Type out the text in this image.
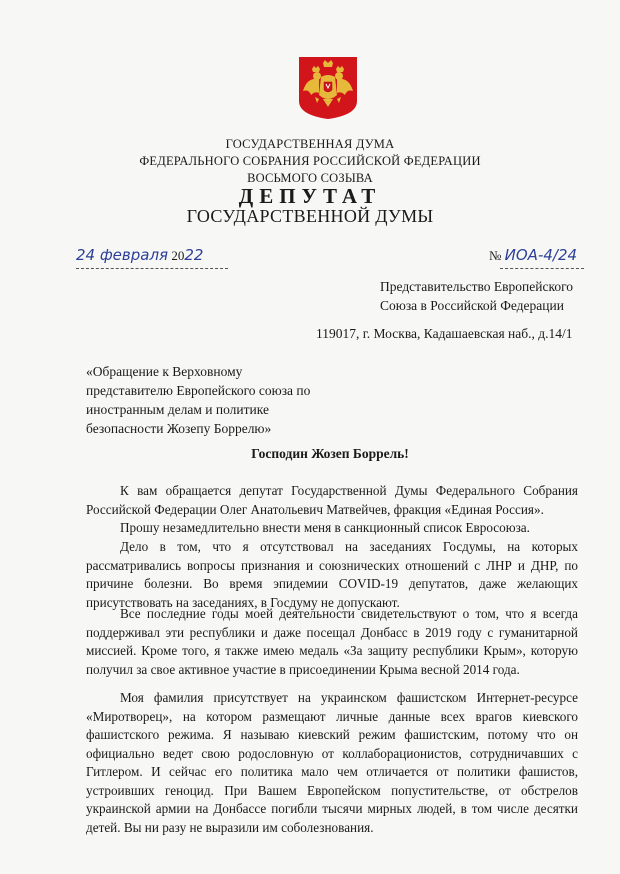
ГОСУДАРСТВЕННАЯ ДУМА
ФЕДЕРАЛЬНОГО СОБРАНИЯ РОССИЙСКОЙ ФЕДЕРАЦИИ
ВОСЬМОГО СОЗЫВА
ДЕПУТАТ
ГОСУДАРСТВЕННОЙ ДУМЫ
24 февраля 2022	№ ИОА-4/24
Представительство Европейского
Союза в Российской Федерации
119017, г. Москва, Кадашаевская наб., д.14/1
«Обращение к Верховному
представителю Европейского союза по
иностранным делам и политике
безопасности Жозепу Боррелю»
Господин Жозеп Боррель!
К вам обращается депутат Государственной Думы Федерального Собрания Российской Федерации Олег Анатольевич Матвейчев, фракция «Единая Россия».
Прошу незамедлительно внести меня в санкционный список Евросоюза.
Дело в том, что я отсутствовал на заседаниях Госдумы, на которых рассматривались вопросы признания и союзнических отношений с ЛНР и ДНР, по причине болезни. Во время эпидемии COVID-19 депутатов, даже желающих присутствовать на заседаниях, в Госдуму не допускают.
Все последние годы моей деятельности свидетельствуют о том, что я всегда поддерживал эти республики и даже посещал Донбасс в 2019 году с гуманитарной миссией. Кроме того, я также имею медаль «За защиту республики Крым», которую получил за свое активное участие в присоединении Крыма весной 2014 года.
Моя фамилия присутствует на украинском фашистском Интернет-ресурсе «Миротворец», на котором размещают личные данные всех врагов киевского фашистского режима. Я называю киевский режим фашистским, потому что он официально ведет свою родословную от коллаборационистов, сотрудничавших с Гитлером. И сейчас его политика мало чем отличается от политики фашистов, устроивших геноцид. При Вашем Европейском попустительстве, от обстрелов украинской армии на Донбассе погибли тысячи мирных людей, в том числе десятки детей. Вы ни разу не выразили им соболезнования.
